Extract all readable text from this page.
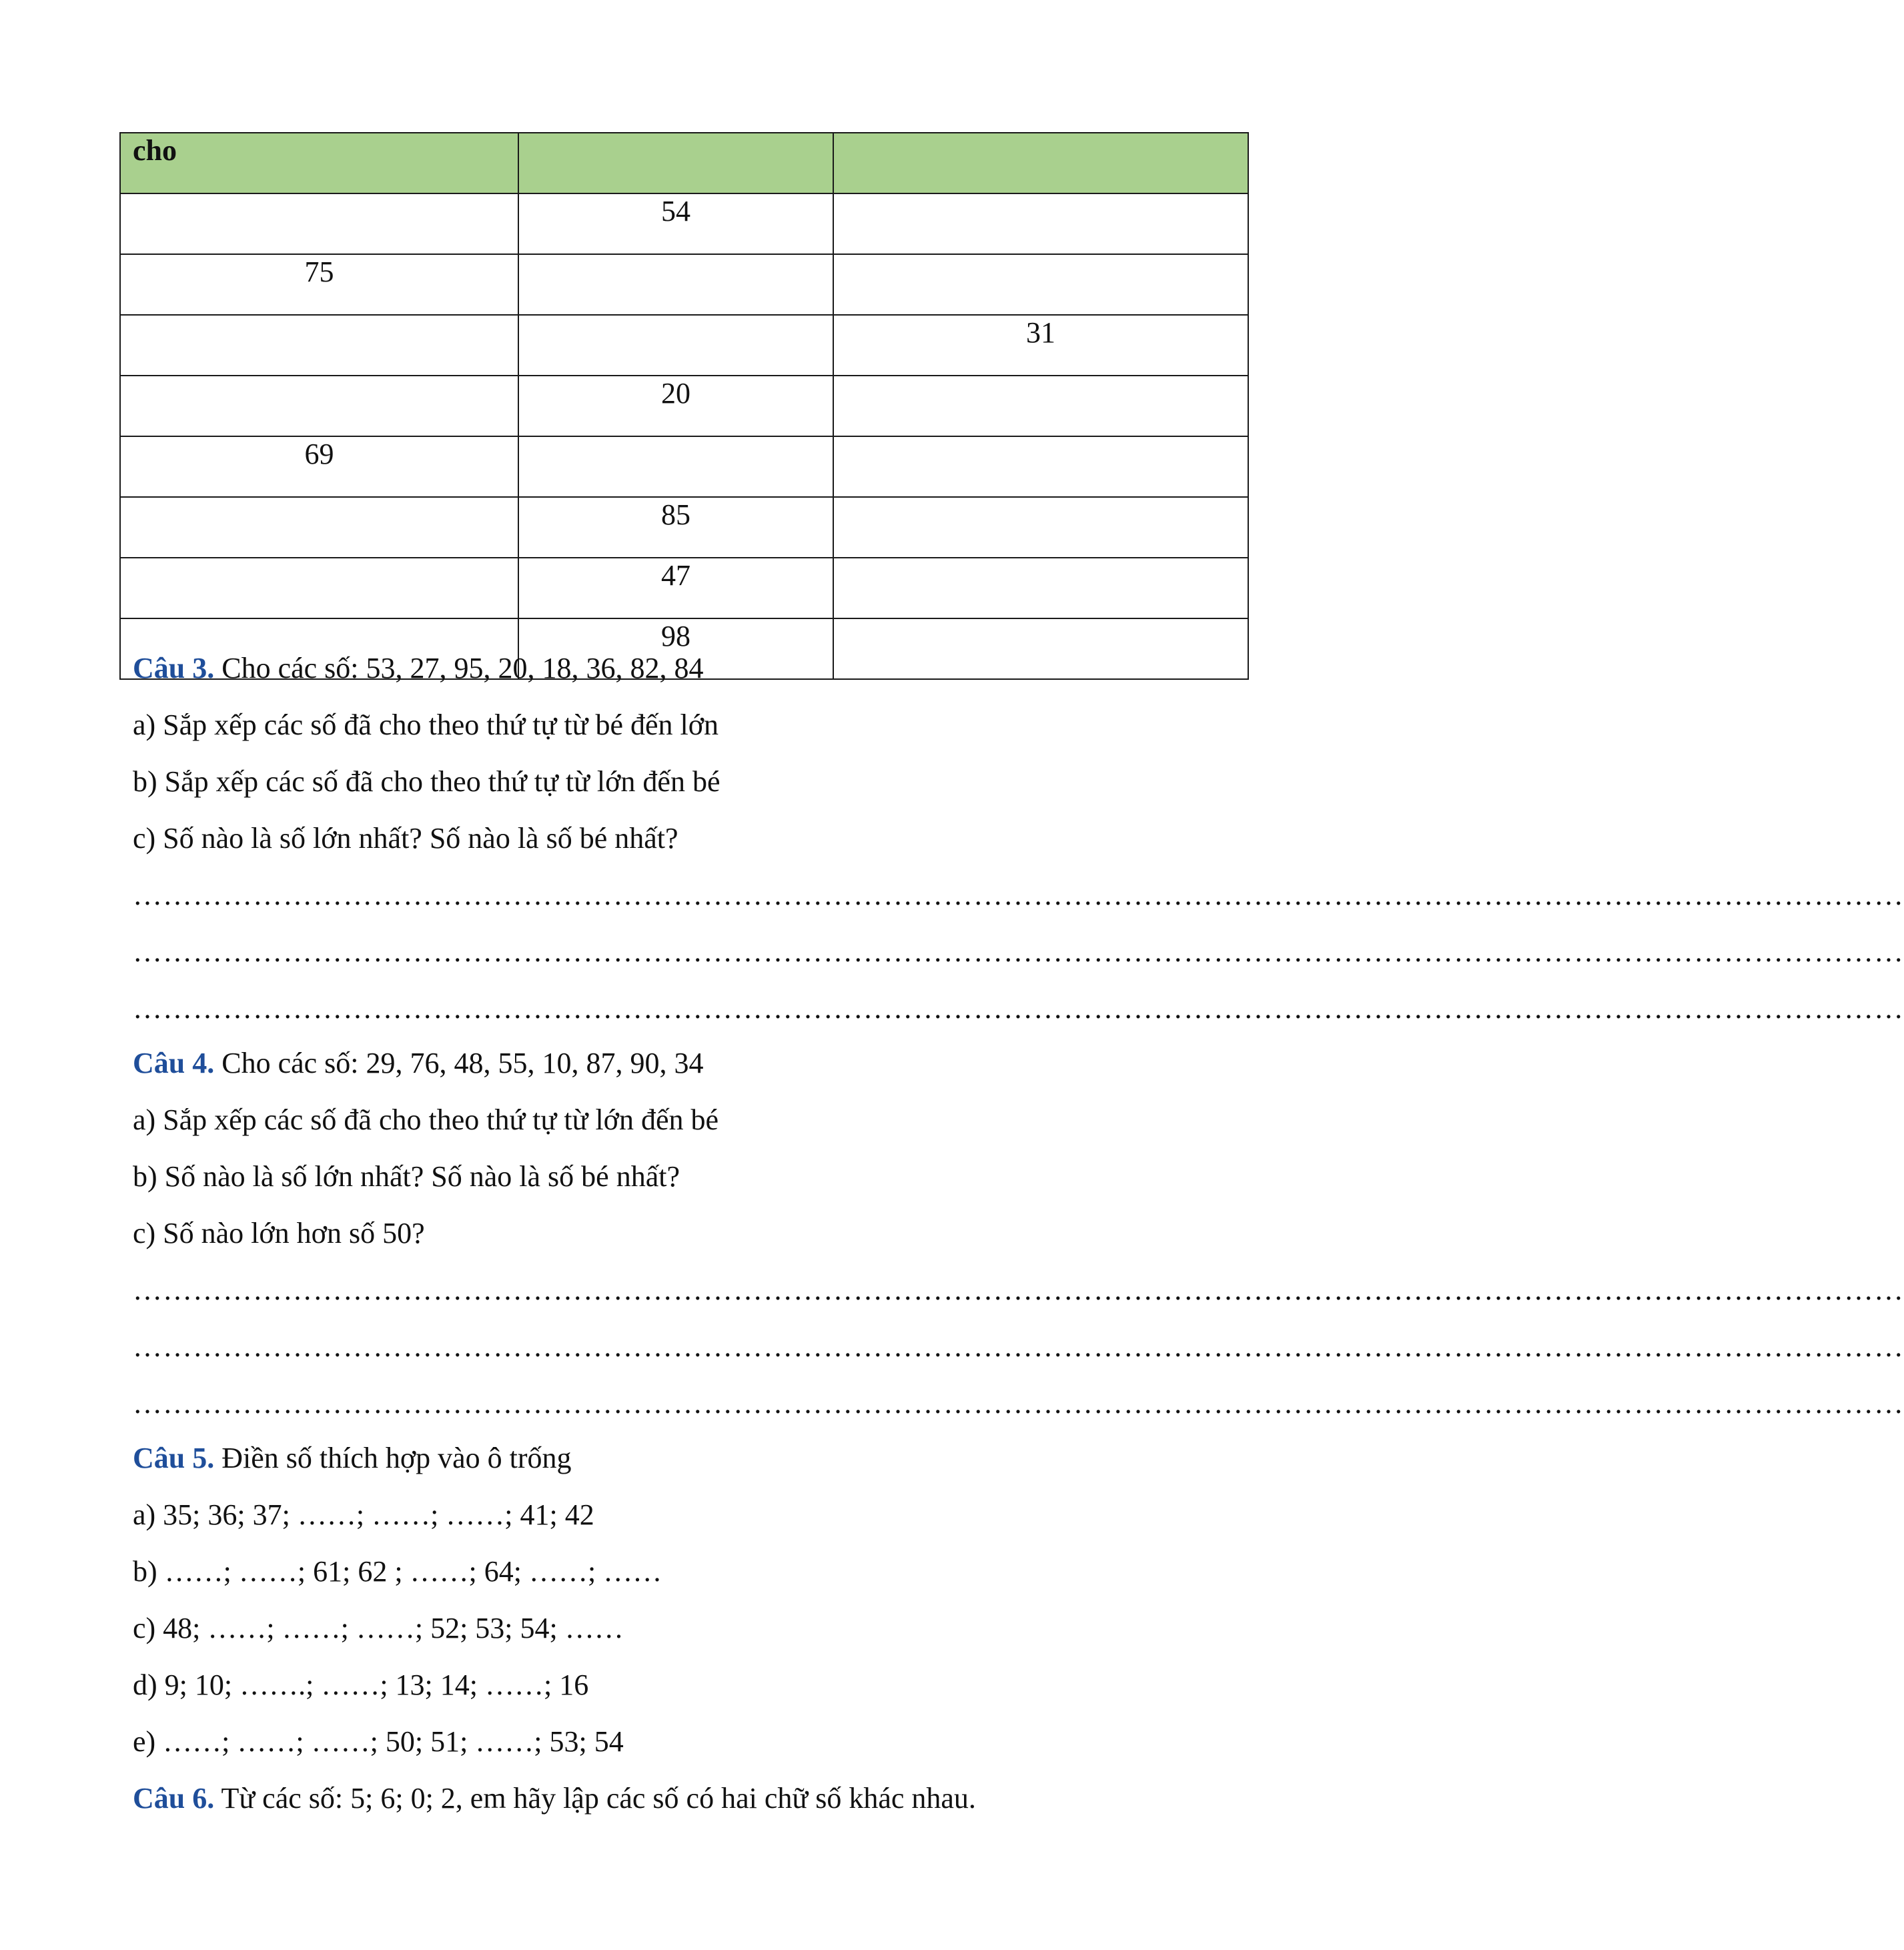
cho		
	54	
75		
		31
	20	
69		
	85	
	47	
	98	
Câu 3. Cho các số: 53, 27, 95, 20, 18, 36, 82, 84
a) Sắp xếp các số đã cho theo thứ tự từ bé đến lớn
b) Sắp xếp các số đã cho theo thứ tự từ lớn đến bé
c) Số nào là số lớn nhất? Số nào là số bé nhất?
……………………………………………………………………………………………………………………………………………………………
……………………………………………………………………………………………………………………………………………………………
……………………………………………………………………………………………………………………………………………………………
Câu 4. Cho các số: 29, 76, 48, 55, 10, 87, 90, 34
a) Sắp xếp các số đã cho theo thứ tự từ lớn đến bé
b) Số nào là số lớn nhất? Số nào là số bé nhất?
c) Số nào lớn hơn số 50?
……………………………………………………………………………………………………………………………………………………………
……………………………………………………………………………………………………………………………………………………………
……………………………………………………………………………………………………………………………………………………………
Câu 5. Điền số thích hợp vào ô trống
a) 35; 36; 37; ……; ……; ……; 41; 42
b) ……; ……; 61; 62 ; ……; 64; ……; ……
c) 48; ……; ……; ……; 52; 53; 54; ……
d) 9; 10; …….; ……; 13; 14; ……; 16
e) ……; ……; ……; 50; 51; ……; 53; 54
Câu 6. Từ các số: 5; 6; 0; 2, em hãy lập các số có hai chữ số khác nhau.
